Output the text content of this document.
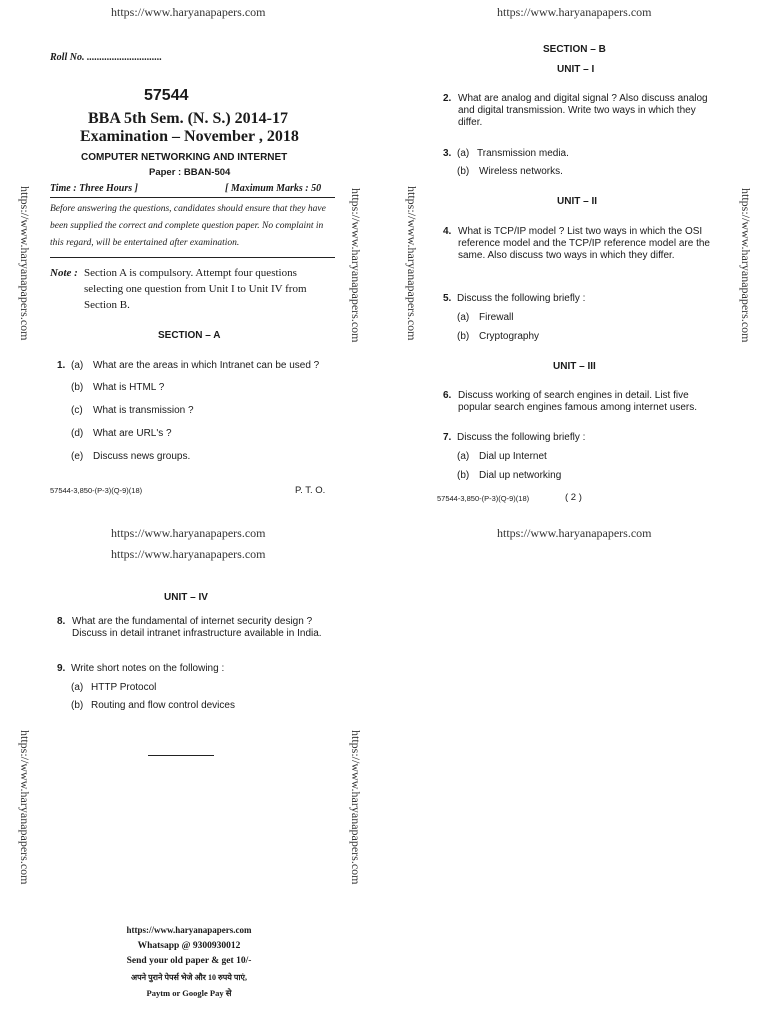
https://www.haryanapapers.com	https://www.haryanapapers.com
https://www.haryanapapers.com	https://www.haryanapapers.com	https://www.haryanapapers.com	https://www.haryanapapers.com
Roll No. ..............................
57544
BBA 5th Sem. (N. S.) 2014-17
Examination – November , 2018
COMPUTER NETWORKING AND INTERNET
Paper : BBAN-504
Time : Three Hours ]	[ Maximum Marks : 50
Before answering the questions, candidates should ensure that they have been supplied the correct and complete question paper. No complaint in this regard, will be entertained after examination.
Note : Section A is compulsory. Attempt four questions selecting one question from Unit I to Unit IV from Section B.
SECTION – A
1. (a) What are the areas in which Intranet can be used ?
(b) What is HTML ?
(c) What is transmission ?
(d) What are URL's ?
(e) Discuss news groups.
57544-3,850-(P-3)(Q-9)(18)	P. T. O.
SECTION – B
UNIT – I
2. What are analog and digital signal ? Also discuss analog and digital transmission. Write two ways in which they differ.
3. (a) Transmission media.
(b) Wireless networks.
UNIT – II
4. What is TCP/IP model ? List two ways in which the OSI reference model and the TCP/IP reference model are the same. Also discuss two ways in which they differ.
5. Discuss the following briefly :
(a) Firewall
(b) Cryptography
UNIT – III
6. Discuss working of search engines in detail. List five popular search engines famous among internet users.
7. Discuss the following briefly :
(a) Dial up Internet
(b) Dial up networking
57544-3,850-(P-3)(Q-9)(18)	( 2 )
https://www.haryanapapers.com	https://www.haryanapapers.com
https://www.haryanapapers.com
UNIT – IV
8. What are the fundamental of internet security design ? Discuss in detail intranet infrastructure available in India.
9. Write short notes on the following :
(a) HTTP Protocol
(b) Routing and flow control devices
https://www.haryanapapers.com	https://www.haryanapapers.com
https://www.haryanapapers.com
Whatsapp @ 9300930012
Send your old paper & get 10/-
अपने पुराने पेपर्स भेजे और 10 रुपये पाएं,
Paytm or Google Pay से
